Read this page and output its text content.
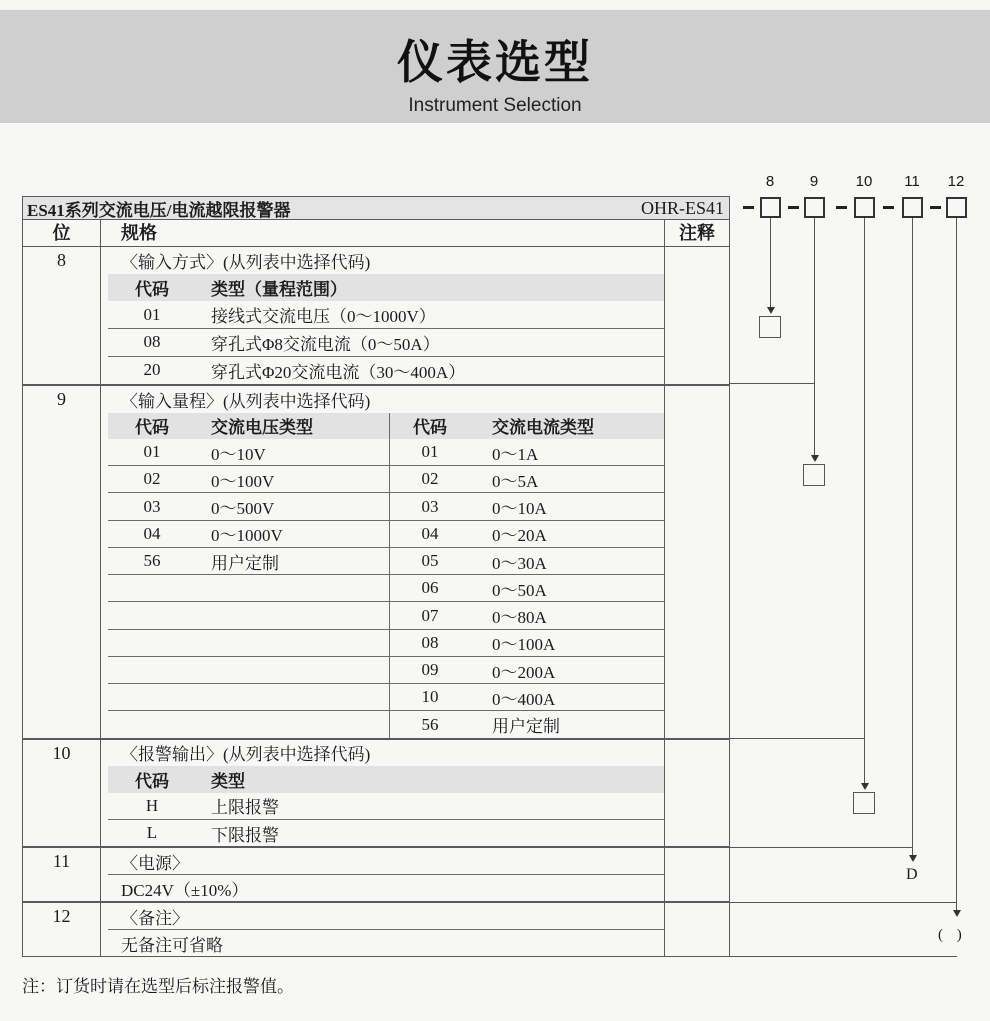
仪表选型
Instrument Selection
ES41系列交流电压/电流越限报警器	OHR-ES41
位	规格	注释
8	〈输入方式〉(从列表中选择代码)
代码	类型（量程范围）
01	接线式交流电压（0～1000V）
08	穿孔式Φ8交流电流（0～50A）
20	穿孔式Φ20交流电流（30～400A）
9	〈输入量程〉(从列表中选择代码)
代码	交流电压类型
01	0～10V
02	0～100V
03	0～500V
04	0～1000V
56	用户定制
代码	交流电流类型
01	0～1A
02	0～5A
03	0～10A
04	0～20A
05	0～30A
06	0～50A
07	0～80A
08	0～100A
09	0～200A
10	0～400A
56	用户定制
10	〈报警输出〉(从列表中选择代码)
代码	类型
H	上限报警
L	下限报警
11	〈电源〉
DC24V（±10%）
12	〈备注〉
无备注可省略
8	9	10 11 12
D
( )
注：订货时请在选型后标注报警值。
